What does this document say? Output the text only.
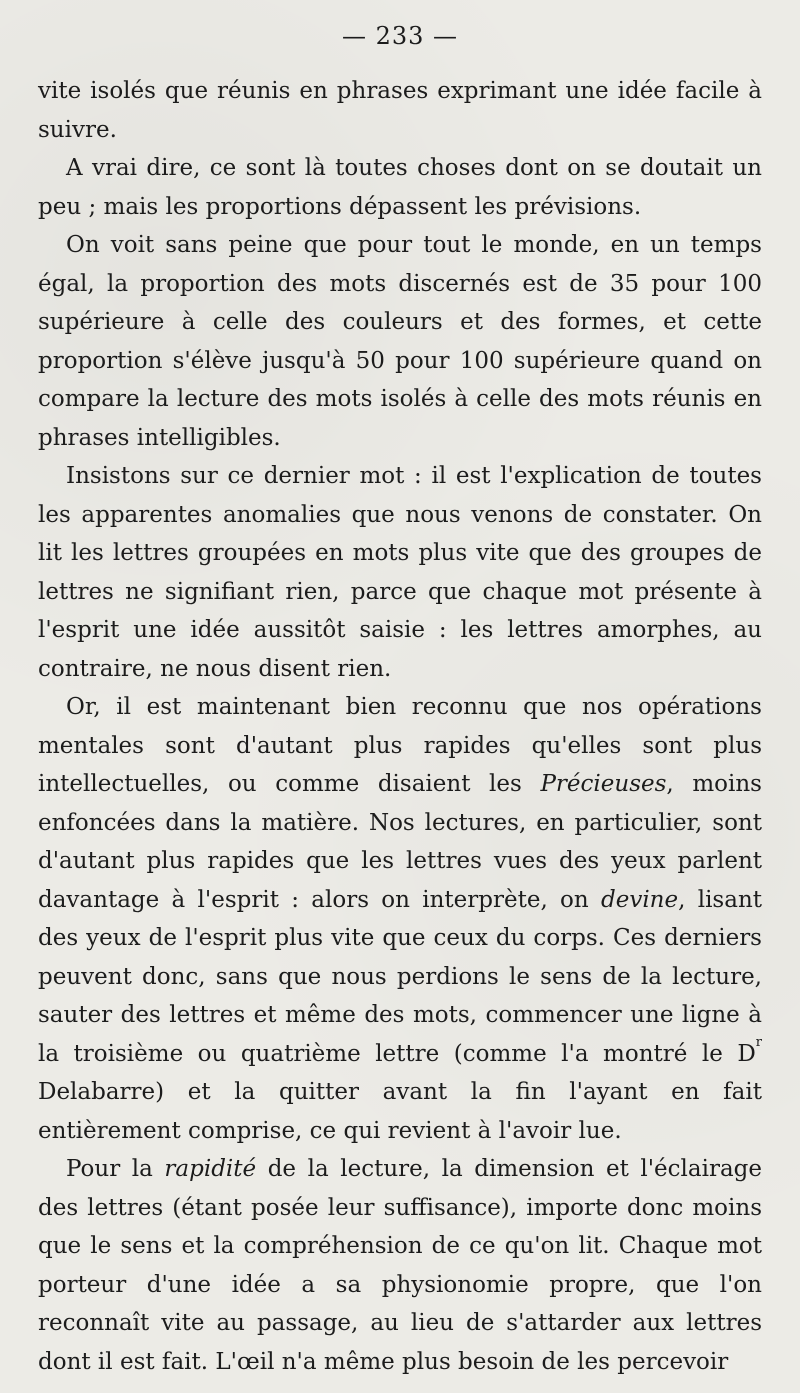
— 233 —

vite isolés que réunis en phrases exprimant une idée facile à suivre.

A vrai dire, ce sont là toutes choses dont on se doutait un peu ; mais les proportions dépassent les prévisions.

On voit sans peine que pour tout le monde, en un temps égal, la proportion des mots discernés est de 35 pour 100 supérieure à celle des couleurs et des formes, et cette proportion s'élève jusqu'à 50 pour 100 supérieure quand on compare la lecture des mots isolés à celle des mots réunis en phrases intelligibles.

Insistons sur ce dernier mot : il est l'explication de toutes les apparentes anomalies que nous venons de constater. On lit les lettres groupées en mots plus vite que des groupes de lettres ne signifiant rien, parce que chaque mot présente à l'esprit une idée aussitôt saisie : les lettres amorphes, au contraire, ne nous disent rien.

Or, il est maintenant bien reconnu que nos opérations mentales sont d'autant plus rapides qu'elles sont plus intellectuelles, ou comme disaient les Précieuses, moins enfoncées dans la matière. Nos lectures, en particulier, sont d'autant plus rapides que les lettres vues des yeux parlent davantage à l'esprit : alors on interprète, on devine, lisant des yeux de l'esprit plus vite que ceux du corps. Ces derniers peuvent donc, sans que nous perdions le sens de la lecture, sauter des lettres et même des mots, commencer une ligne à la troisième ou quatrième lettre (comme l'a montré le $D^r$ Delabarre) et la quitter avant la fin l'ayant en fait entièrement comprise, ce qui revient à l'avoir lue.

Pour la rapidité de la lecture, la dimension et l'éclairage des lettres (étant posée leur suffisance), importe donc moins que le sens et la compréhension de ce qu'on lit. Chaque mot porteur d'une idée a sa physionomie propre, que l'on reconnaît vite au passage, au lieu de s'attarder aux lettres dont il est fait. L'œil n'a même plus besoin de les percevoir
